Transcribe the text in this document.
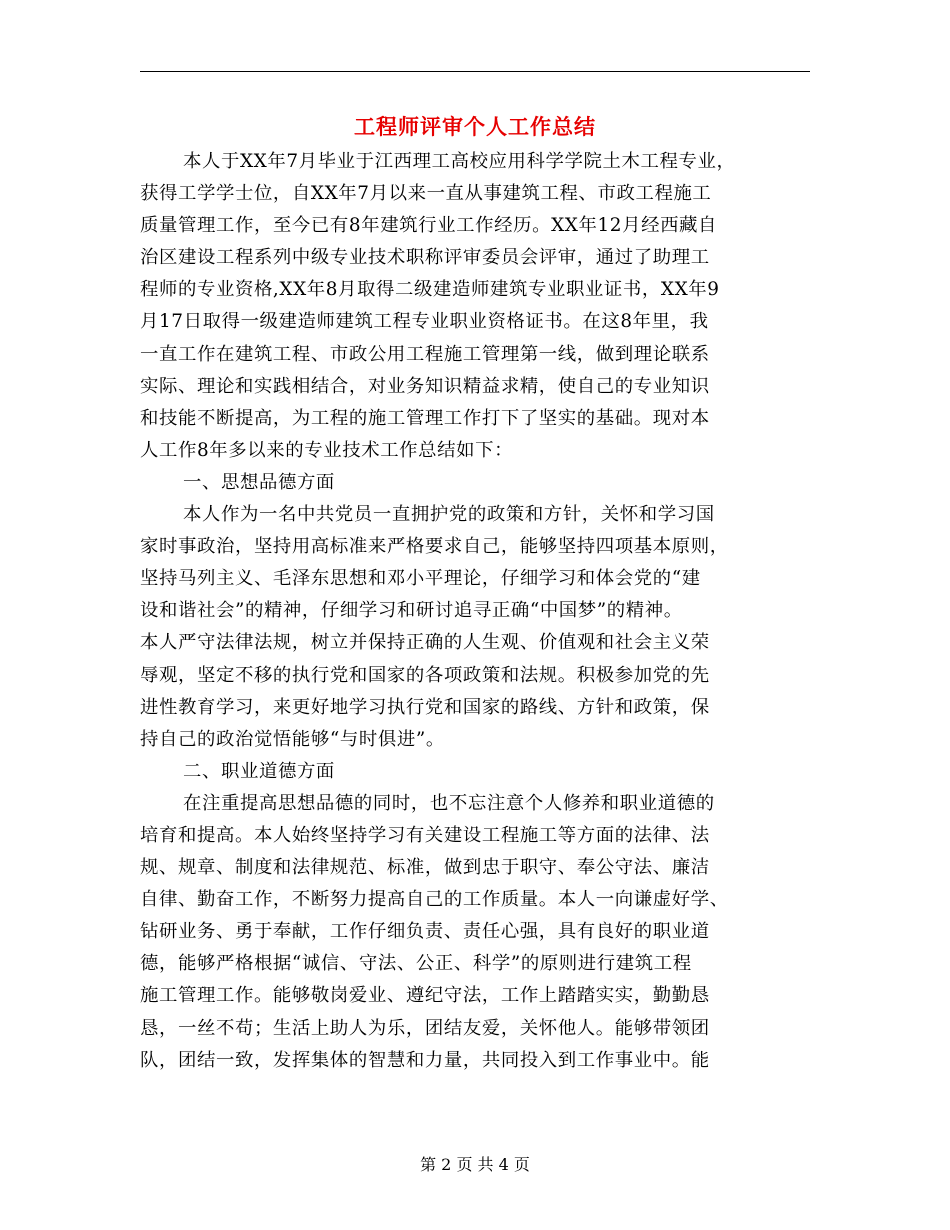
工程师评审个人工作总结
本人于XX年7月毕业于江西理工高校应用科学学院土木工程专业，
获得工学学士位，自XX年7月以来一直从事建筑工程、市政工程施工
质量管理工作，至今已有8年建筑行业工作经历。XX年12月经西藏自
治区建设工程系列中级专业技术职称评审委员会评审，通过了助理工
程师的专业资格,XX年8月取得二级建造师建筑专业职业证书，XX年9
月17日取得一级建造师建筑工程专业职业资格证书。在这8年里，我
一直工作在建筑工程、市政公用工程施工管理第一线，做到理论联系
实际、理论和实践相结合，对业务知识精益求精，使自己的专业知识
和技能不断提高，为工程的施工管理工作打下了坚实的基础。现对本
人工作8年多以来的专业技术工作总结如下：
一、思想品德方面
本人作为一名中共党员一直拥护党的政策和方针，关怀和学习国
家时事政治，坚持用高标准来严格要求自己，能够坚持四项基本原则，
坚持马列主义、毛泽东思想和邓小平理论，仔细学习和体会党的“建
设和谐社会”的精神，仔细学习和研讨追寻正确“中国梦”的精神。
本人严守法律法规，树立并保持正确的人生观、价值观和社会主义荣
辱观，坚定不移的执行党和国家的各项政策和法规。积极参加党的先
进性教育学习，来更好地学习执行党和国家的路线、方针和政策，保
持自己的政治觉悟能够“与时俱进”。
二、职业道德方面
在注重提高思想品德的同时，也不忘注意个人修养和职业道德的
培育和提高。本人始终坚持学习有关建设工程施工等方面的法律、法
规、规章、制度和法律规范、标准，做到忠于职守、奉公守法、廉洁
自律、勤奋工作，不断努力提高自己的工作质量。本人一向谦虚好学、
钻研业务、勇于奉献，工作仔细负责、责任心强，具有良好的职业道
德，能够严格根据“诚信、守法、公正、科学”的原则进行建筑工程
施工管理工作。能够敬岗爱业、遵纪守法，工作上踏踏实实，勤勤恳
恳，一丝不苟；生活上助人为乐，团结友爱，关怀他人。能够带领团
队，团结一致，发挥集体的智慧和力量，共同投入到工作事业中。能
第 2 页 共 4 页
